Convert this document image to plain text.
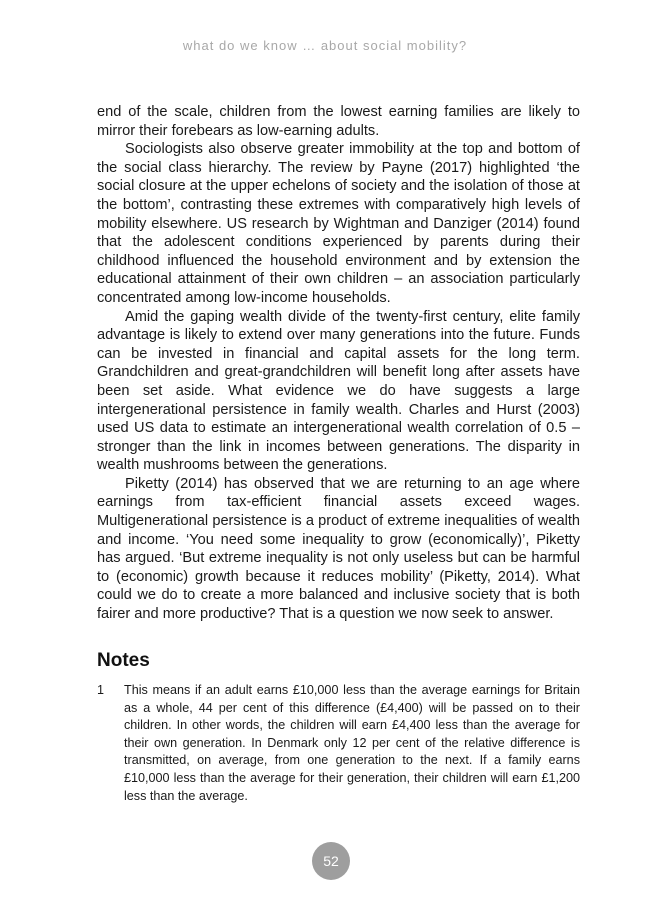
what do we know … about social mobility?

end of the scale, children from the lowest earning families are likely to mirror their forebears as low-earning adults.

Sociologists also observe greater immobility at the top and bottom of the social class hierarchy. The review by Payne (2017) highlighted ‘the social closure at the upper echelons of society and the isolation of those at the bottom’, contrasting these extremes with comparatively high levels of mobility elsewhere. US research by Wightman and Danziger (2014) found that the adolescent conditions experienced by parents during their childhood influenced the household environment and by extension the educational attainment of their own children – an association particularly concentrated among low-income households.

Amid the gaping wealth divide of the twenty-first century, elite family advantage is likely to extend over many generations into the future. Funds can be invested in financial and capital assets for the long term. Grandchildren and great-grandchildren will benefit long after assets have been set aside. What evidence we do have suggests a large intergenerational persistence in family wealth. Charles and Hurst (2003) used US data to estimate an intergenerational wealth correlation of 0.5 – stronger than the link in incomes between generations. The disparity in wealth mushrooms between the generations.

Piketty (2014) has observed that we are returning to an age where earnings from tax-efficient financial assets exceed wages. Multigenerational persistence is a product of extreme inequalities of wealth and income. ‘You need some inequality to grow (economically)’, Piketty has argued. ‘But extreme inequality is not only useless but can be harmful to (economic) growth because it reduces mobility’ (Piketty, 2014). What could we do to create a more balanced and inclusive society that is both fairer and more productive? That is a question we now seek to answer.

Notes
1	This means if an adult earns £10,000 less than the average earnings for Britain as a whole, 44 per cent of this difference (£4,400) will be passed on to their children. In other words, the children will earn £4,400 less than the average for their own generation. In Denmark only 12 per cent of the relative difference is transmitted, on average, from one generation to the next. If a family earns £10,000 less than the average for their generation, their children will earn £1,200 less than the average.
52
